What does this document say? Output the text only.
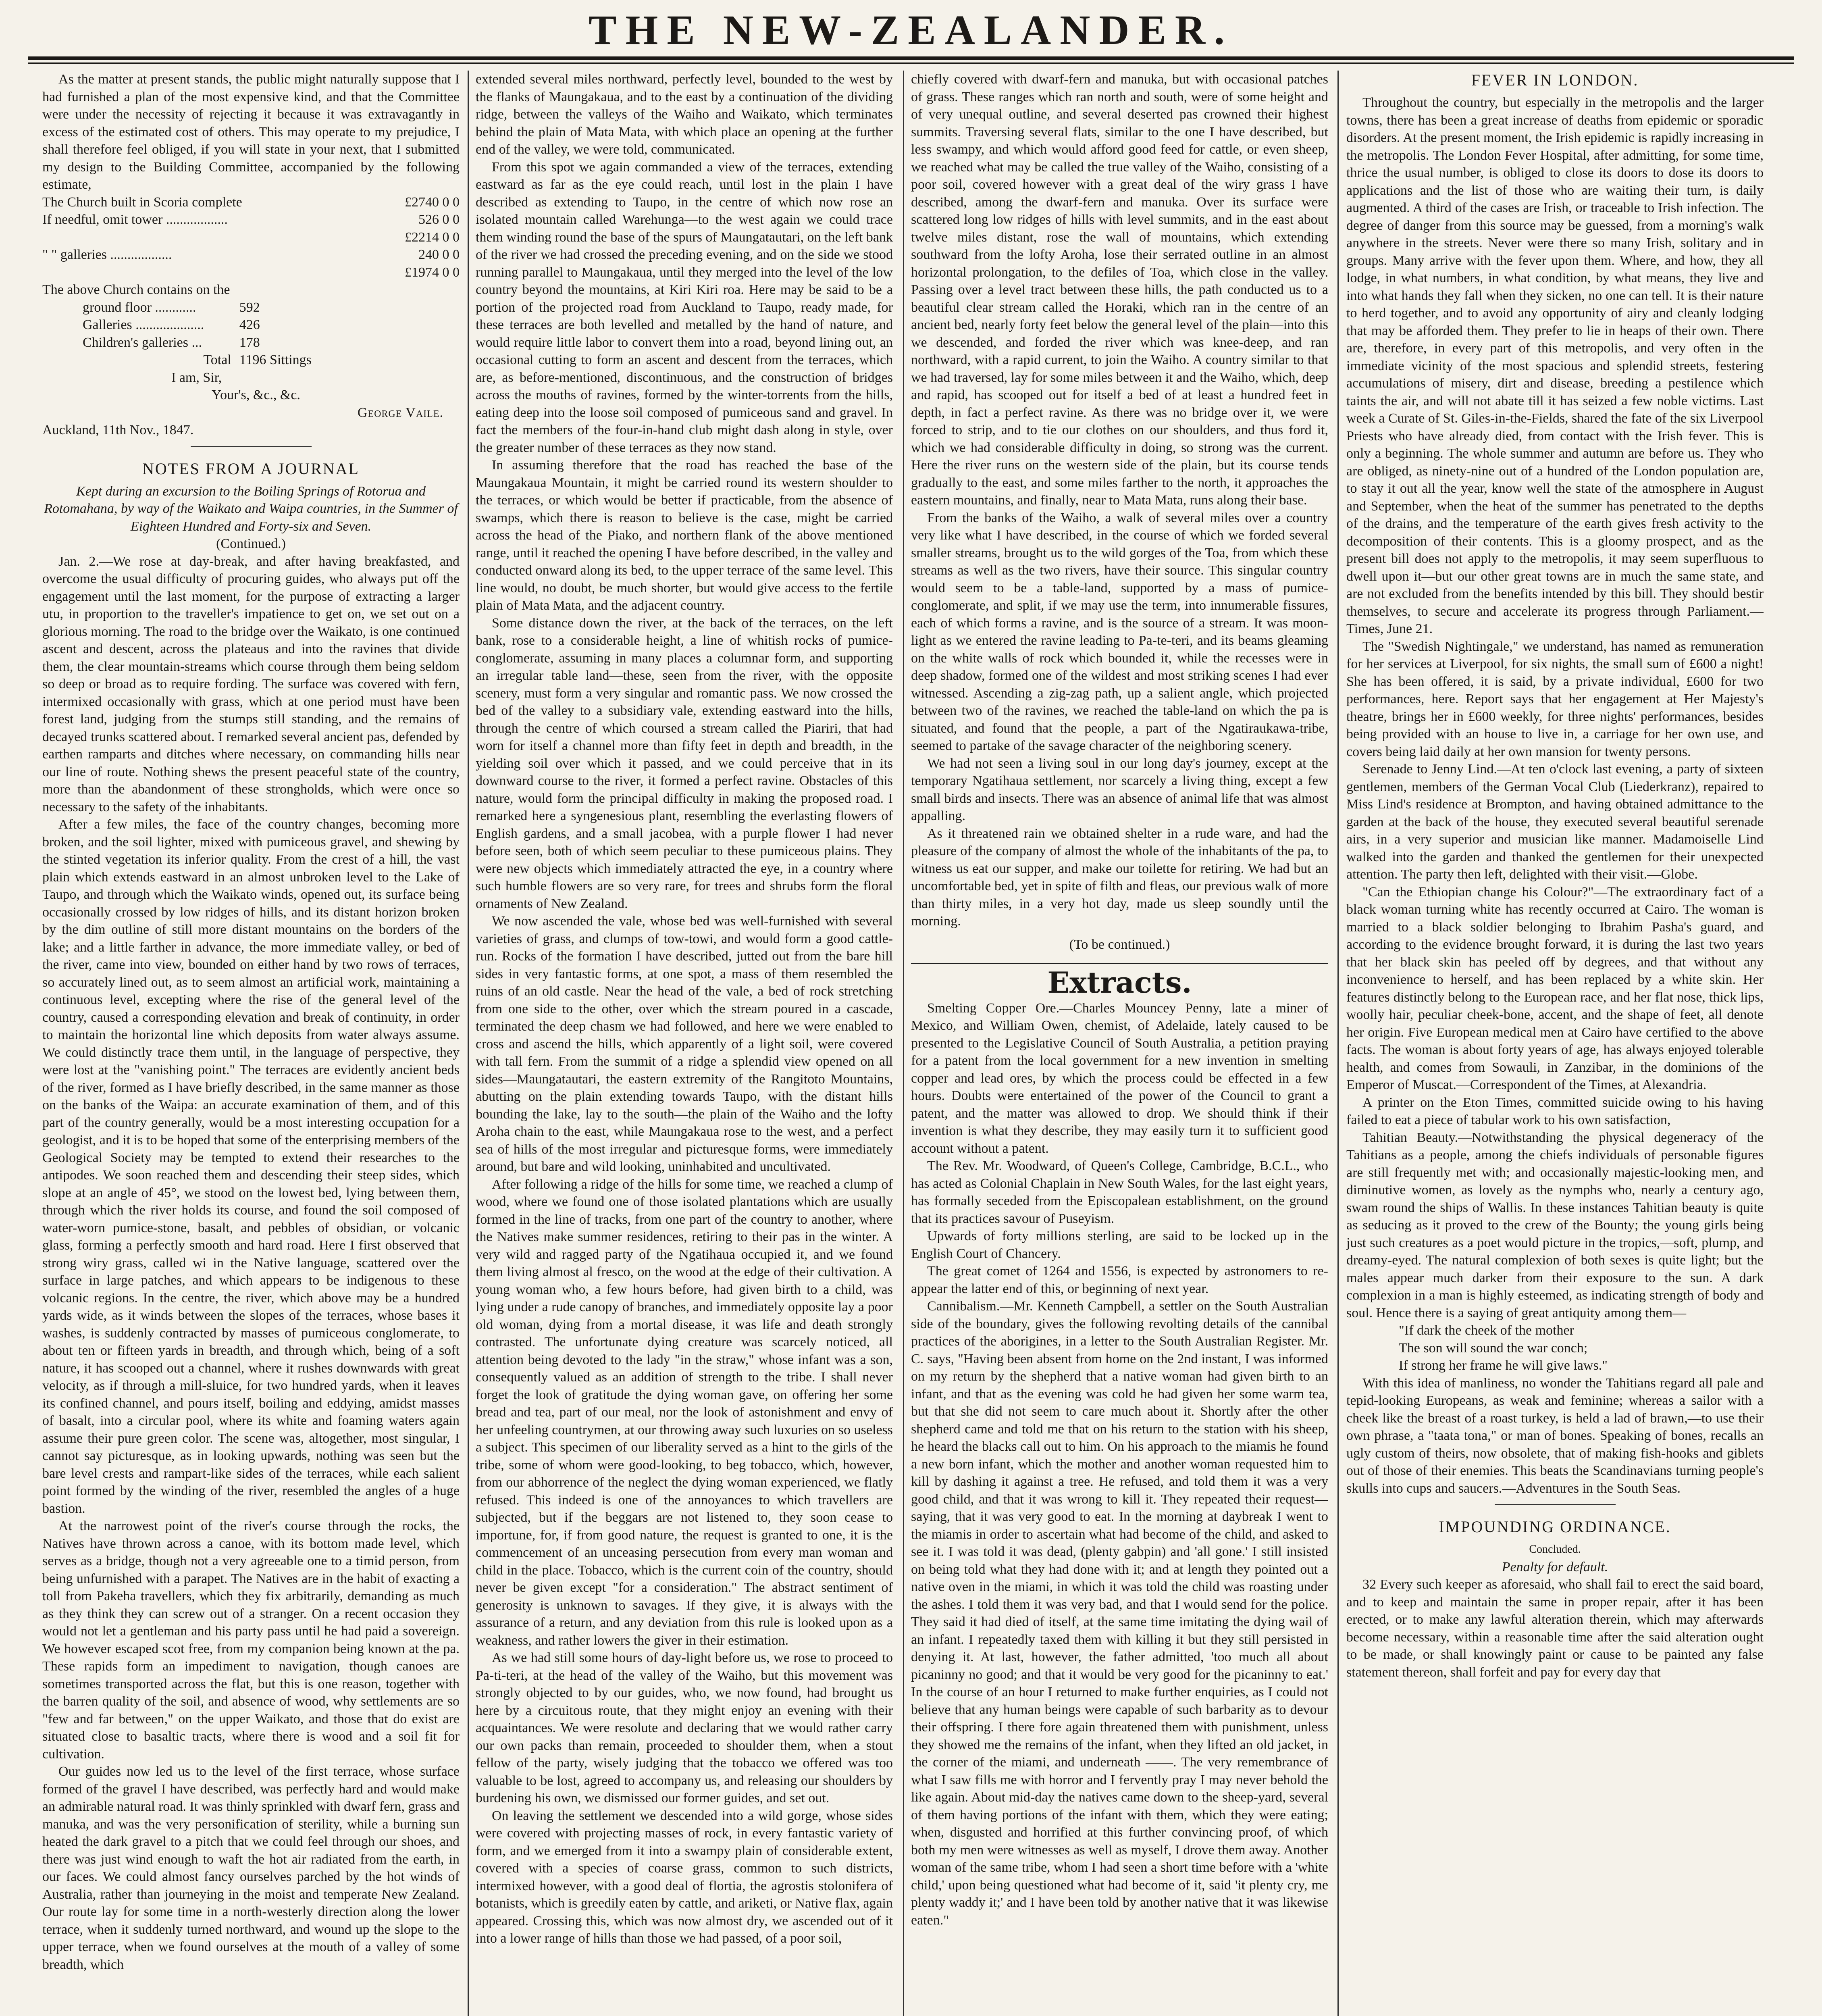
THE NEW-ZEALANDER.

As the matter at present stands, the public might naturally suppose that I had furnished a plan of the most expensive kind, and that the Committee were under the necessity of rejecting it because it was extravagantly in excess of the estimated cost of others. This may operate to my prejudice, I shall therefore feel obliged, if you will state in your next, that I submitted my design to the Building Committee, accompanied by the following estimate,

The Church built in Scoria complete	£2740 0 0
If needful, omit tower ..................	526 0 0
	£2214 0 0
" " galleries ..................	240 0 0
	£1974 0 0

The above Church contains on the

ground floor ............	592
Galleries ....................	426
Children's galleries ...	178
Total	1196 Sittings

I am, Sir,

Your's, &c., &c.

George Vaile.

Auckland, 11th Nov., 1847.

NOTES FROM A JOURNAL

Kept during an excursion to the Boiling Springs of Rotorua and Rotomahana, by way of the Waikato and Waipa countries, in the Summer of Eighteen Hundred and Forty-six and Seven.

(Continued.)

Jan. 2.—We rose at day-break, and after having breakfasted, and overcome the usual difficulty of procuring guides, who always put off the engagement until the last moment, for the purpose of extracting a larger utu, in proportion to the traveller's impatience to get on, we set out on a glorious morning. The road to the bridge over the Waikato, is one continued ascent and descent, across the plateaus and into the ravines that divide them, the clear mountain-streams which course through them being seldom so deep or broad as to require fording. The surface was covered with fern, intermixed occasionally with grass, which at one period must have been forest land, judging from the stumps still standing, and the remains of decayed trunks scattered about. I remarked several ancient pas, defended by earthen ramparts and ditches where necessary, on commanding hills near our line of route. Nothing shews the present peaceful state of the country, more than the abandonment of these strongholds, which were once so necessary to the safety of the inhabitants.

After a few miles, the face of the country changes, becoming more broken, and the soil lighter, mixed with pumiceous gravel, and shewing by the stinted vegetation its inferior quality. From the crest of a hill, the vast plain which extends eastward in an almost unbroken level to the Lake of Taupo, and through which the Waikato winds, opened out, its surface being occasionally crossed by low ridges of hills, and its distant horizon broken by the dim outline of still more distant mountains on the borders of the lake; and a little farther in advance, the more immediate valley, or bed of the river, came into view, bounded on either hand by two rows of terraces, so accurately lined out, as to seem almost an artificial work, maintaining a continuous level, excepting where the rise of the general level of the country, caused a corresponding elevation and break of continuity, in order to maintain the horizontal line which deposits from water always assume. We could distinctly trace them until, in the language of perspective, they were lost at the "vanishing point." The terraces are evidently ancient beds of the river, formed as I have briefly described, in the same manner as those on the banks of the Waipa: an accurate examination of them, and of this part of the country generally, would be a most interesting occupation for a geologist, and it is to be hoped that some of the enterprising members of the Geological Society may be tempted to extend their researches to the antipodes. We soon reached them and descending their steep sides, which slope at an angle of 45°, we stood on the lowest bed, lying between them, through which the river holds its course, and found the soil composed of water-worn pumice-stone, basalt, and pebbles of obsidian, or volcanic glass, forming a perfectly smooth and hard road. Here I first observed that strong wiry grass, called wi in the Native language, scattered over the surface in large patches, and which appears to be indigenous to these volcanic regions. In the centre, the river, which above may be a hundred yards wide, as it winds between the slopes of the terraces, whose bases it washes, is suddenly contracted by masses of pumiceous conglomerate, to about ten or fifteen yards in breadth, and through which, being of a soft nature, it has scooped out a channel, where it rushes downwards with great velocity, as if through a mill-sluice, for two hundred yards, when it leaves its confined channel, and pours itself, boiling and eddying, amidst masses of basalt, into a circular pool, where its white and foaming waters again assume their pure green color. The scene was, altogether, most singular, I cannot say picturesque, as in looking upwards, nothing was seen but the bare level crests and rampart-like sides of the terraces, while each salient point formed by the winding of the river, resembled the angles of a huge bastion.

At the narrowest point of the river's course through the rocks, the Natives have thrown across a canoe, with its bottom made level, which serves as a bridge, though not a very agreeable one to a timid person, from being unfurnished with a parapet. The Natives are in the habit of exacting a toll from Pakeha travellers, which they fix arbitrarily, demanding as much as they think they can screw out of a stranger. On a recent occasion they would not let a gentleman and his party pass until he had paid a sovereign. We however escaped scot free, from my companion being known at the pa. These rapids form an impediment to navigation, though canoes are sometimes transported across the flat, but this is one reason, together with the barren quality of the soil, and absence of wood, why settlements are so "few and far between," on the upper Waikato, and those that do exist are situated close to basaltic tracts, where there is wood and a soil fit for cultivation.

Our guides now led us to the level of the first terrace, whose surface formed of the gravel I have described, was perfectly hard and would make an admirable natural road. It was thinly sprinkled with dwarf fern, grass and manuka, and was the very personification of sterility, while a burning sun heated the dark gravel to a pitch that we could feel through our shoes, and there was just wind enough to waft the hot air radiated from the earth, in our faces. We could almost fancy ourselves parched by the hot winds of Australia, rather than journeying in the moist and temperate New Zealand. Our route lay for some time in a north-westerly direction along the lower terrace, when it suddenly turned northward, and wound up the slope to the upper terrace, when we found ourselves at the mouth of a valley of some breadth, which

extended several miles northward, perfectly level, bounded to the west by the flanks of Maungakaua, and to the east by a continuation of the dividing ridge, between the valleys of the Waiho and Waikato, which terminates behind the plain of Mata Mata, with which place an opening at the further end of the valley, we were told, communicated.

From this spot we again commanded a view of the terraces, extending eastward as far as the eye could reach, until lost in the plain I have described as extending to Taupo, in the centre of which now rose an isolated mountain called Warehunga—to the west again we could trace them winding round the base of the spurs of Maungatautari, on the left bank of the river we had crossed the preceding evening, and on the side we stood running parallel to Maungakaua, until they merged into the level of the low country beyond the mountains, at Kiri Kiri roa. Here may be said to be a portion of the projected road from Auckland to Taupo, ready made, for these terraces are both levelled and metalled by the hand of nature, and would require little labor to convert them into a road, beyond lining out, an occasional cutting to form an ascent and descent from the terraces, which are, as before-mentioned, discontinuous, and the construction of bridges across the mouths of ravines, formed by the winter-torrents from the hills, eating deep into the loose soil composed of pumiceous sand and gravel. In fact the members of the four-in-hand club might dash along in style, over the greater number of these terraces as they now stand.

In assuming therefore that the road has reached the base of the Maungakaua Mountain, it might be carried round its western shoulder to the terraces, or which would be better if practicable, from the absence of swamps, which there is reason to believe is the case, might be carried across the head of the Piako, and northern flank of the above mentioned range, until it reached the opening I have before described, in the valley and conducted onward along its bed, to the upper terrace of the same level. This line would, no doubt, be much shorter, but would give access to the fertile plain of Mata Mata, and the adjacent country.

Some distance down the river, at the back of the terraces, on the left bank, rose to a considerable height, a line of whitish rocks of pumice-conglomerate, assuming in many places a columnar form, and supporting an irregular table land—these, seen from the river, with the opposite scenery, must form a very singular and romantic pass. We now crossed the bed of the valley to a subsidiary vale, extending eastward into the hills, through the centre of which coursed a stream called the Piariri, that had worn for itself a channel more than fifty feet in depth and breadth, in the yielding soil over which it passed, and we could perceive that in its downward course to the river, it formed a perfect ravine. Obstacles of this nature, would form the principal difficulty in making the proposed road. I remarked here a syngenesious plant, resembling the everlasting flowers of English gardens, and a small jacobea, with a purple flower I had never before seen, both of which seem peculiar to these pumiceous plains. They were new objects which immediately attracted the eye, in a country where such humble flowers are so very rare, for trees and shrubs form the floral ornaments of New Zealand.

We now ascended the vale, whose bed was well-furnished with several varieties of grass, and clumps of tow-towi, and would form a good cattle-run. Rocks of the formation I have described, jutted out from the bare hill sides in very fantastic forms, at one spot, a mass of them resembled the ruins of an old castle. Near the head of the vale, a bed of rock stretching from one side to the other, over which the stream poured in a cascade, terminated the deep chasm we had followed, and here we were enabled to cross and ascend the hills, which apparently of a light soil, were covered with tall fern. From the summit of a ridge a splendid view opened on all sides—Maungatautari, the eastern extremity of the Rangitoto Mountains, abutting on the plain extending towards Taupo, with the distant hills bounding the lake, lay to the south—the plain of the Waiho and the lofty Aroha chain to the east, while Maungakaua rose to the west, and a perfect sea of hills of the most irregular and picturesque forms, were immediately around, but bare and wild looking, uninhabited and uncultivated.

After following a ridge of the hills for some time, we reached a clump of wood, where we found one of those isolated plantations which are usually formed in the line of tracks, from one part of the country to another, where the Natives make summer residences, retiring to their pas in the winter. A very wild and ragged party of the Ngatihaua occupied it, and we found them living almost al fresco, on the wood at the edge of their cultivation. A young woman who, a few hours before, had given birth to a child, was lying under a rude canopy of branches, and immediately opposite lay a poor old woman, dying from a mortal disease, it was life and death strongly contrasted. The unfortunate dying creature was scarcely noticed, all attention being devoted to the lady "in the straw," whose infant was a son, consequently valued as an addition of strength to the tribe. I shall never forget the look of gratitude the dying woman gave, on offering her some bread and tea, part of our meal, nor the look of astonishment and envy of her unfeeling countrymen, at our throwing away such luxuries on so useless a subject. This specimen of our liberality served as a hint to the girls of the tribe, some of whom were good-looking, to beg tobacco, which, however, from our abhorrence of the neglect the dying woman experienced, we flatly refused. This indeed is one of the annoyances to which travellers are subjected, but if the beggars are not listened to, they soon cease to importune, for, if from good nature, the request is granted to one, it is the commencement of an unceasing persecution from every man woman and child in the place. Tobacco, which is the current coin of the country, should never be given except "for a consideration." The abstract sentiment of generosity is unknown to savages. If they give, it is always with the assurance of a return, and any deviation from this rule is looked upon as a weakness, and rather lowers the giver in their estimation.

As we had still some hours of day-light before us, we rose to proceed to Pa-ti-teri, at the head of the valley of the Waiho, but this movement was strongly objected to by our guides, who, we now found, had brought us here by a circuitous route, that they might enjoy an evening with their acquaintances. We were resolute and declaring that we would rather carry our own packs than remain, proceeded to shoulder them, when a stout fellow of the party, wisely judging that the tobacco we offered was too valuable to be lost, agreed to accompany us, and releasing our shoulders by burdening his own, we dismissed our former guides, and set out.

On leaving the settlement we descended into a wild gorge, whose sides were covered with projecting masses of rock, in every fantastic variety of form, and we emerged from it into a swampy plain of considerable extent, covered with a species of coarse grass, common to such districts, intermixed however, with a good deal of flortia, the agrostis stolonifera of botanists, which is greedily eaten by cattle, and ariketi, or Native flax, again appeared. Crossing this, which was now almost dry, we ascended out of it into a lower range of hills than those we had passed, of a poor soil,

chiefly covered with dwarf-fern and manuka, but with occasional patches of grass. These ranges which ran north and south, were of some height and of very unequal outline, and several deserted pas crowned their highest summits. Traversing several flats, similar to the one I have described, but less swampy, and which would afford good feed for cattle, or even sheep, we reached what may be called the true valley of the Waiho, consisting of a poor soil, covered however with a great deal of the wiry grass I have described, among the dwarf-fern and manuka. Over its surface were scattered long low ridges of hills with level summits, and in the east about twelve miles distant, rose the wall of mountains, which extending southward from the lofty Aroha, lose their serrated outline in an almost horizontal prolongation, to the defiles of Toa, which close in the valley. Passing over a level tract between these hills, the path conducted us to a beautiful clear stream called the Horaki, which ran in the centre of an ancient bed, nearly forty feet below the general level of the plain—into this we descended, and forded the river which was knee-deep, and ran northward, with a rapid current, to join the Waiho. A country similar to that we had traversed, lay for some miles between it and the Waiho, which, deep and rapid, has scooped out for itself a bed of at least a hundred feet in depth, in fact a perfect ravine. As there was no bridge over it, we were forced to strip, and to tie our clothes on our shoulders, and thus ford it, which we had considerable difficulty in doing, so strong was the current. Here the river runs on the western side of the plain, but its course tends gradually to the east, and some miles farther to the north, it approaches the eastern mountains, and finally, near to Mata Mata, runs along their base.

From the banks of the Waiho, a walk of several miles over a country very like what I have described, in the course of which we forded several smaller streams, brought us to the wild gorges of the Toa, from which these streams as well as the two rivers, have their source. This singular country would seem to be a table-land, supported by a mass of pumice-conglomerate, and split, if we may use the term, into innumerable fissures, each of which forms a ravine, and is the source of a stream. It was moon-light as we entered the ravine leading to Pa-te-teri, and its beams gleaming on the white walls of rock which bounded it, while the recesses were in deep shadow, formed one of the wildest and most striking scenes I had ever witnessed. Ascending a zig-zag path, up a salient angle, which projected between two of the ravines, we reached the table-land on which the pa is situated, and found that the people, a part of the Ngatiraukawa-tribe, seemed to partake of the savage character of the neighboring scenery.

We had not seen a living soul in our long day's journey, except at the temporary Ngatihaua settlement, nor scarcely a living thing, except a few small birds and insects. There was an absence of animal life that was almost appalling.

As it threatened rain we obtained shelter in a rude ware, and had the pleasure of the company of almost the whole of the inhabitants of the pa, to witness us eat our supper, and make our toilette for retiring. We had but an uncomfortable bed, yet in spite of filth and fleas, our previous walk of more than thirty miles, in a very hot day, made us sleep soundly until the morning.

(To be continued.)

Extracts.

Smelting Copper Ore.—Charles Mouncey Penny, late a miner of Mexico, and William Owen, chemist, of Adelaide, lately caused to be presented to the Legislative Council of South Australia, a petition praying for a patent from the local government for a new invention in smelting copper and lead ores, by which the process could be effected in a few hours. Doubts were entertained of the power of the Council to grant a patent, and the matter was allowed to drop. We should think if their invention is what they describe, they may easily turn it to sufficient good account without a patent.

The Rev. Mr. Woodward, of Queen's College, Cambridge, B.C.L., who has acted as Colonial Chaplain in New South Wales, for the last eight years, has formally seceded from the Episcopalean establishment, on the ground that its practices savour of Puseyism.

Upwards of forty millions sterling, are said to be locked up in the English Court of Chancery.

The great comet of 1264 and 1556, is expected by astronomers to re-appear the latter end of this, or beginning of next year.

Cannibalism.—Mr. Kenneth Campbell, a settler on the South Australian side of the boundary, gives the following revolting details of the cannibal practices of the aborigines, in a letter to the South Australian Register. Mr. C. says, "Having been absent from home on the 2nd instant, I was informed on my return by the shepherd that a native woman had given birth to an infant, and that as the evening was cold he had given her some warm tea, but that she did not seem to care much about it. Shortly after the other shepherd came and told me that on his return to the station with his sheep, he heard the blacks call out to him. On his approach to the miamis he found a new born infant, which the mother and another woman requested him to kill by dashing it against a tree. He refused, and told them it was a very good child, and that it was wrong to kill it. They repeated their request—saying, that it was very good to eat. In the morning at daybreak I went to the miamis in order to ascertain what had become of the child, and asked to see it. I was told it was dead, (plenty gabpin) and 'all gone.' I still insisted on being told what they had done with it; and at length they pointed out a native oven in the miami, in which it was told the child was roasting under the ashes. I told them it was very bad, and that I would send for the police. They said it had died of itself, at the same time imitating the dying wail of an infant. I repeatedly taxed them with killing it but they still persisted in denying it. At last, however, the father admitted, 'too much all about picaninny no good; and that it would be very good for the picaninny to eat.' In the course of an hour I returned to make further enquiries, as I could not believe that any human beings were capable of such barbarity as to devour their offspring. I there fore again threatened them with punishment, unless they showed me the remains of the infant, when they lifted an old jacket, in the corner of the miami, and underneath ——. The very remembrance of what I saw fills me with horror and I fervently pray I may never behold the like again. About mid-day the natives came down to the sheep-yard, several of them having portions of the infant with them, which they were eating; when, disgusted and horrified at this further convincing proof, of which both my men were witnesses as well as myself, I drove them away. Another woman of the same tribe, whom I had seen a short time before with a 'white child,' upon being questioned what had become of it, said 'it plenty cry, me plenty waddy it;' and I have been told by another native that it was likewise eaten."

FEVER IN LONDON.

Throughout the country, but especially in the metropolis and the larger towns, there has been a great increase of deaths from epidemic or sporadic disorders. At the present moment, the Irish epidemic is rapidly increasing in the metropolis. The London Fever Hospital, after admitting, for some time, thrice the usual number, is obliged to close its doors to dose its doors to applications and the list of those who are waiting their turn, is daily augmented. A third of the cases are Irish, or traceable to Irish infection. The degree of danger from this source may be guessed, from a morning's walk anywhere in the streets. Never were there so many Irish, solitary and in groups. Many arrive with the fever upon them. Where, and how, they all lodge, in what numbers, in what condition, by what means, they live and into what hands they fall when they sicken, no one can tell. It is their nature to herd together, and to avoid any opportunity of airy and cleanly lodging that may be afforded them. They prefer to lie in heaps of their own. There are, therefore, in every part of this metropolis, and very often in the immediate vicinity of the most spacious and splendid streets, festering accumulations of misery, dirt and disease, breeding a pestilence which taints the air, and will not abate till it has seized a few noble victims. Last week a Curate of St. Giles-in-the-Fields, shared the fate of the six Liverpool Priests who have already died, from contact with the Irish fever. This is only a beginning. The whole summer and autumn are before us. They who are obliged, as ninety-nine out of a hundred of the London population are, to stay it out all the year, know well the state of the atmosphere in August and September, when the heat of the summer has penetrated to the depths of the drains, and the temperature of the earth gives fresh activity to the decomposition of their contents. This is a gloomy prospect, and as the present bill does not apply to the metropolis, it may seem superfluous to dwell upon it—but our other great towns are in much the same state, and are not excluded from the benefits intended by this bill. They should bestir themselves, to secure and accelerate its progress through Parliament.—Times, June 21.

The "Swedish Nightingale," we understand, has named as remuneration for her services at Liverpool, for six nights, the small sum of £600 a night! She has been offered, it is said, by a private individual, £600 for two performances, here. Report says that her engagement at Her Majesty's theatre, brings her in £600 weekly, for three nights' performances, besides being provided with an house to live in, a carriage for her own use, and covers being laid daily at her own mansion for twenty persons.

Serenade to Jenny Lind.—At ten o'clock last evening, a party of sixteen gentlemen, members of the German Vocal Club (Liederkranz), repaired to Miss Lind's residence at Brompton, and having obtained admittance to the garden at the back of the house, they executed several beautiful serenade airs, in a very superior and musician like manner. Madamoiselle Lind walked into the garden and thanked the gentlemen for their unexpected attention. The party then left, delighted with their visit.—Globe.

"Can the Ethiopian change his Colour?"—The extraordinary fact of a black woman turning white has recently occurred at Cairo. The woman is married to a black soldier belonging to Ibrahim Pasha's guard, and according to the evidence brought forward, it is during the last two years that her black skin has peeled off by degrees, and that without any inconvenience to herself, and has been replaced by a white skin. Her features distinctly belong to the European race, and her flat nose, thick lips, woolly hair, peculiar cheek-bone, accent, and the shape of feet, all denote her origin. Five European medical men at Cairo have certified to the above facts. The woman is about forty years of age, has always enjoyed tolerable health, and comes from Sowauli, in Zanzibar, in the dominions of the Emperor of Muscat.—Correspondent of the Times, at Alexandria.

A printer on the Eton Times, committed suicide owing to his having failed to eat a piece of tabular work to his own satisfaction,

Tahitian Beauty.—Notwithstanding the physical degeneracy of the Tahitians as a people, among the chiefs individuals of personable figures are still frequently met with; and occasionally majestic-looking men, and diminutive women, as lovely as the nymphs who, nearly a century ago, swam round the ships of Wallis. In these instances Tahitian beauty is quite as seducing as it proved to the crew of the Bounty; the young girls being just such creatures as a poet would picture in the tropics,—soft, plump, and dreamy-eyed. The natural complexion of both sexes is quite light; but the males appear much darker from their exposure to the sun. A dark complexion in a man is highly esteemed, as indicating strength of body and soul. Hence there is a saying of great antiquity among them—

"If dark the cheek of the mother

The son will sound the war conch;

If strong her frame he will give laws."

With this idea of manliness, no wonder the Tahitians regard all pale and tepid-looking Europeans, as weak and feminine; whereas a sailor with a cheek like the breast of a roast turkey, is held a lad of brawn,—to use their own phrase, a "taata tona," or man of bones. Speaking of bones, recalls an ugly custom of theirs, now obsolete, that of making fish-hooks and giblets out of those of their enemies. This beats the Scandinavians turning people's skulls into cups and saucers.—Adventures in the South Seas.

IMPOUNDING ORDINANCE.

Concluded.

Penalty for default.

32 Every such keeper as aforesaid, who shall fail to erect the said board, and to keep and maintain the same in proper repair, after it has been erected, or to make any lawful alteration therein, which may afterwards become necessary, within a reasonable time after the said alteration ought to be made, or shall knowingly paint or cause to be painted any false statement thereon, shall forfeit and pay for every day that
